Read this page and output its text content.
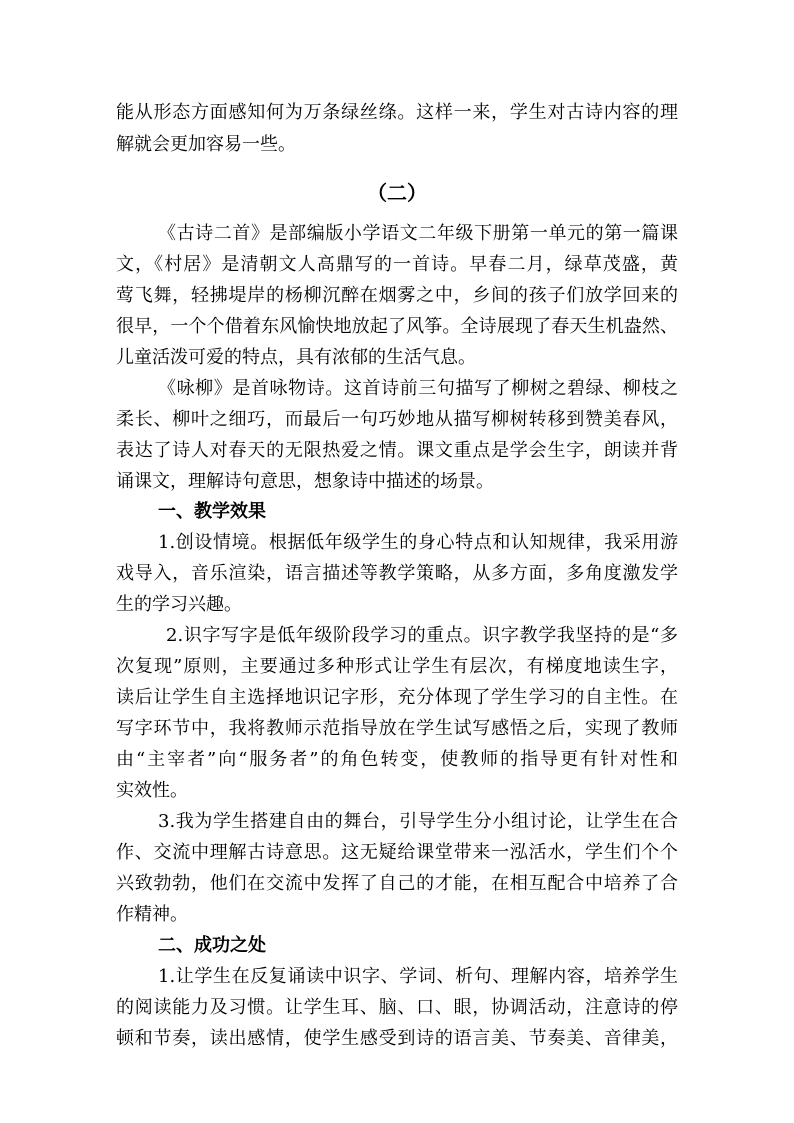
能从形态方面感知何为万条绿丝绦。这样一来，学生对古诗内容的理
解就会更加容易一些。
（二）
《古诗二首》是部编版小学语文二年级下册第一单元的第一篇课
文，《村居》是清朝文人高鼎写的一首诗。早春二月，绿草茂盛，黄
莺飞舞，轻拂堤岸的杨柳沉醉在烟雾之中，乡间的孩子们放学回来的
很早，一个个借着东风愉快地放起了风筝。全诗展现了春天生机盎然、
儿童活泼可爱的特点，具有浓郁的生活气息。
《咏柳》是首咏物诗。这首诗前三句描写了柳树之碧绿、柳枝之
柔长、柳叶之细巧，而最后一句巧妙地从描写柳树转移到赞美春风，
表达了诗人对春天的无限热爱之情。课文重点是学会生字，朗读并背
诵课文，理解诗句意思，想象诗中描述的场景。
一、教学效果
1.创设情境。根据低年级学生的身心特点和认知规律，我采用游
戏导入，音乐渲染，语言描述等教学策略，从多方面，多角度激发学
生的学习兴趣。
2.识字写字是低年级阶段学习的重点。识字教学我坚持的是“多
次复现”原则，主要通过多种形式让学生有层次，有梯度地读生字，
读后让学生自主选择地识记字形，充分体现了学生学习的自主性。在
写字环节中，我将教师示范指导放在学生试写感悟之后，实现了教师
由“主宰者”向“服务者”的角色转变，使教师的指导更有针对性和
实效性。
3.我为学生搭建自由的舞台，引导学生分小组讨论，让学生在合
作、交流中理解古诗意思。这无疑给课堂带来一泓活水，学生们个个
兴致勃勃，他们在交流中发挥了自己的才能，在相互配合中培养了合
作精神。
二、成功之处
1.让学生在反复诵读中识字、学词、析句、理解内容，培养学生
的阅读能力及习惯。让学生耳、脑、口、眼，协调活动，注意诗的停
顿和节奏，读出感情，使学生感受到诗的语言美、节奏美、音律美，
